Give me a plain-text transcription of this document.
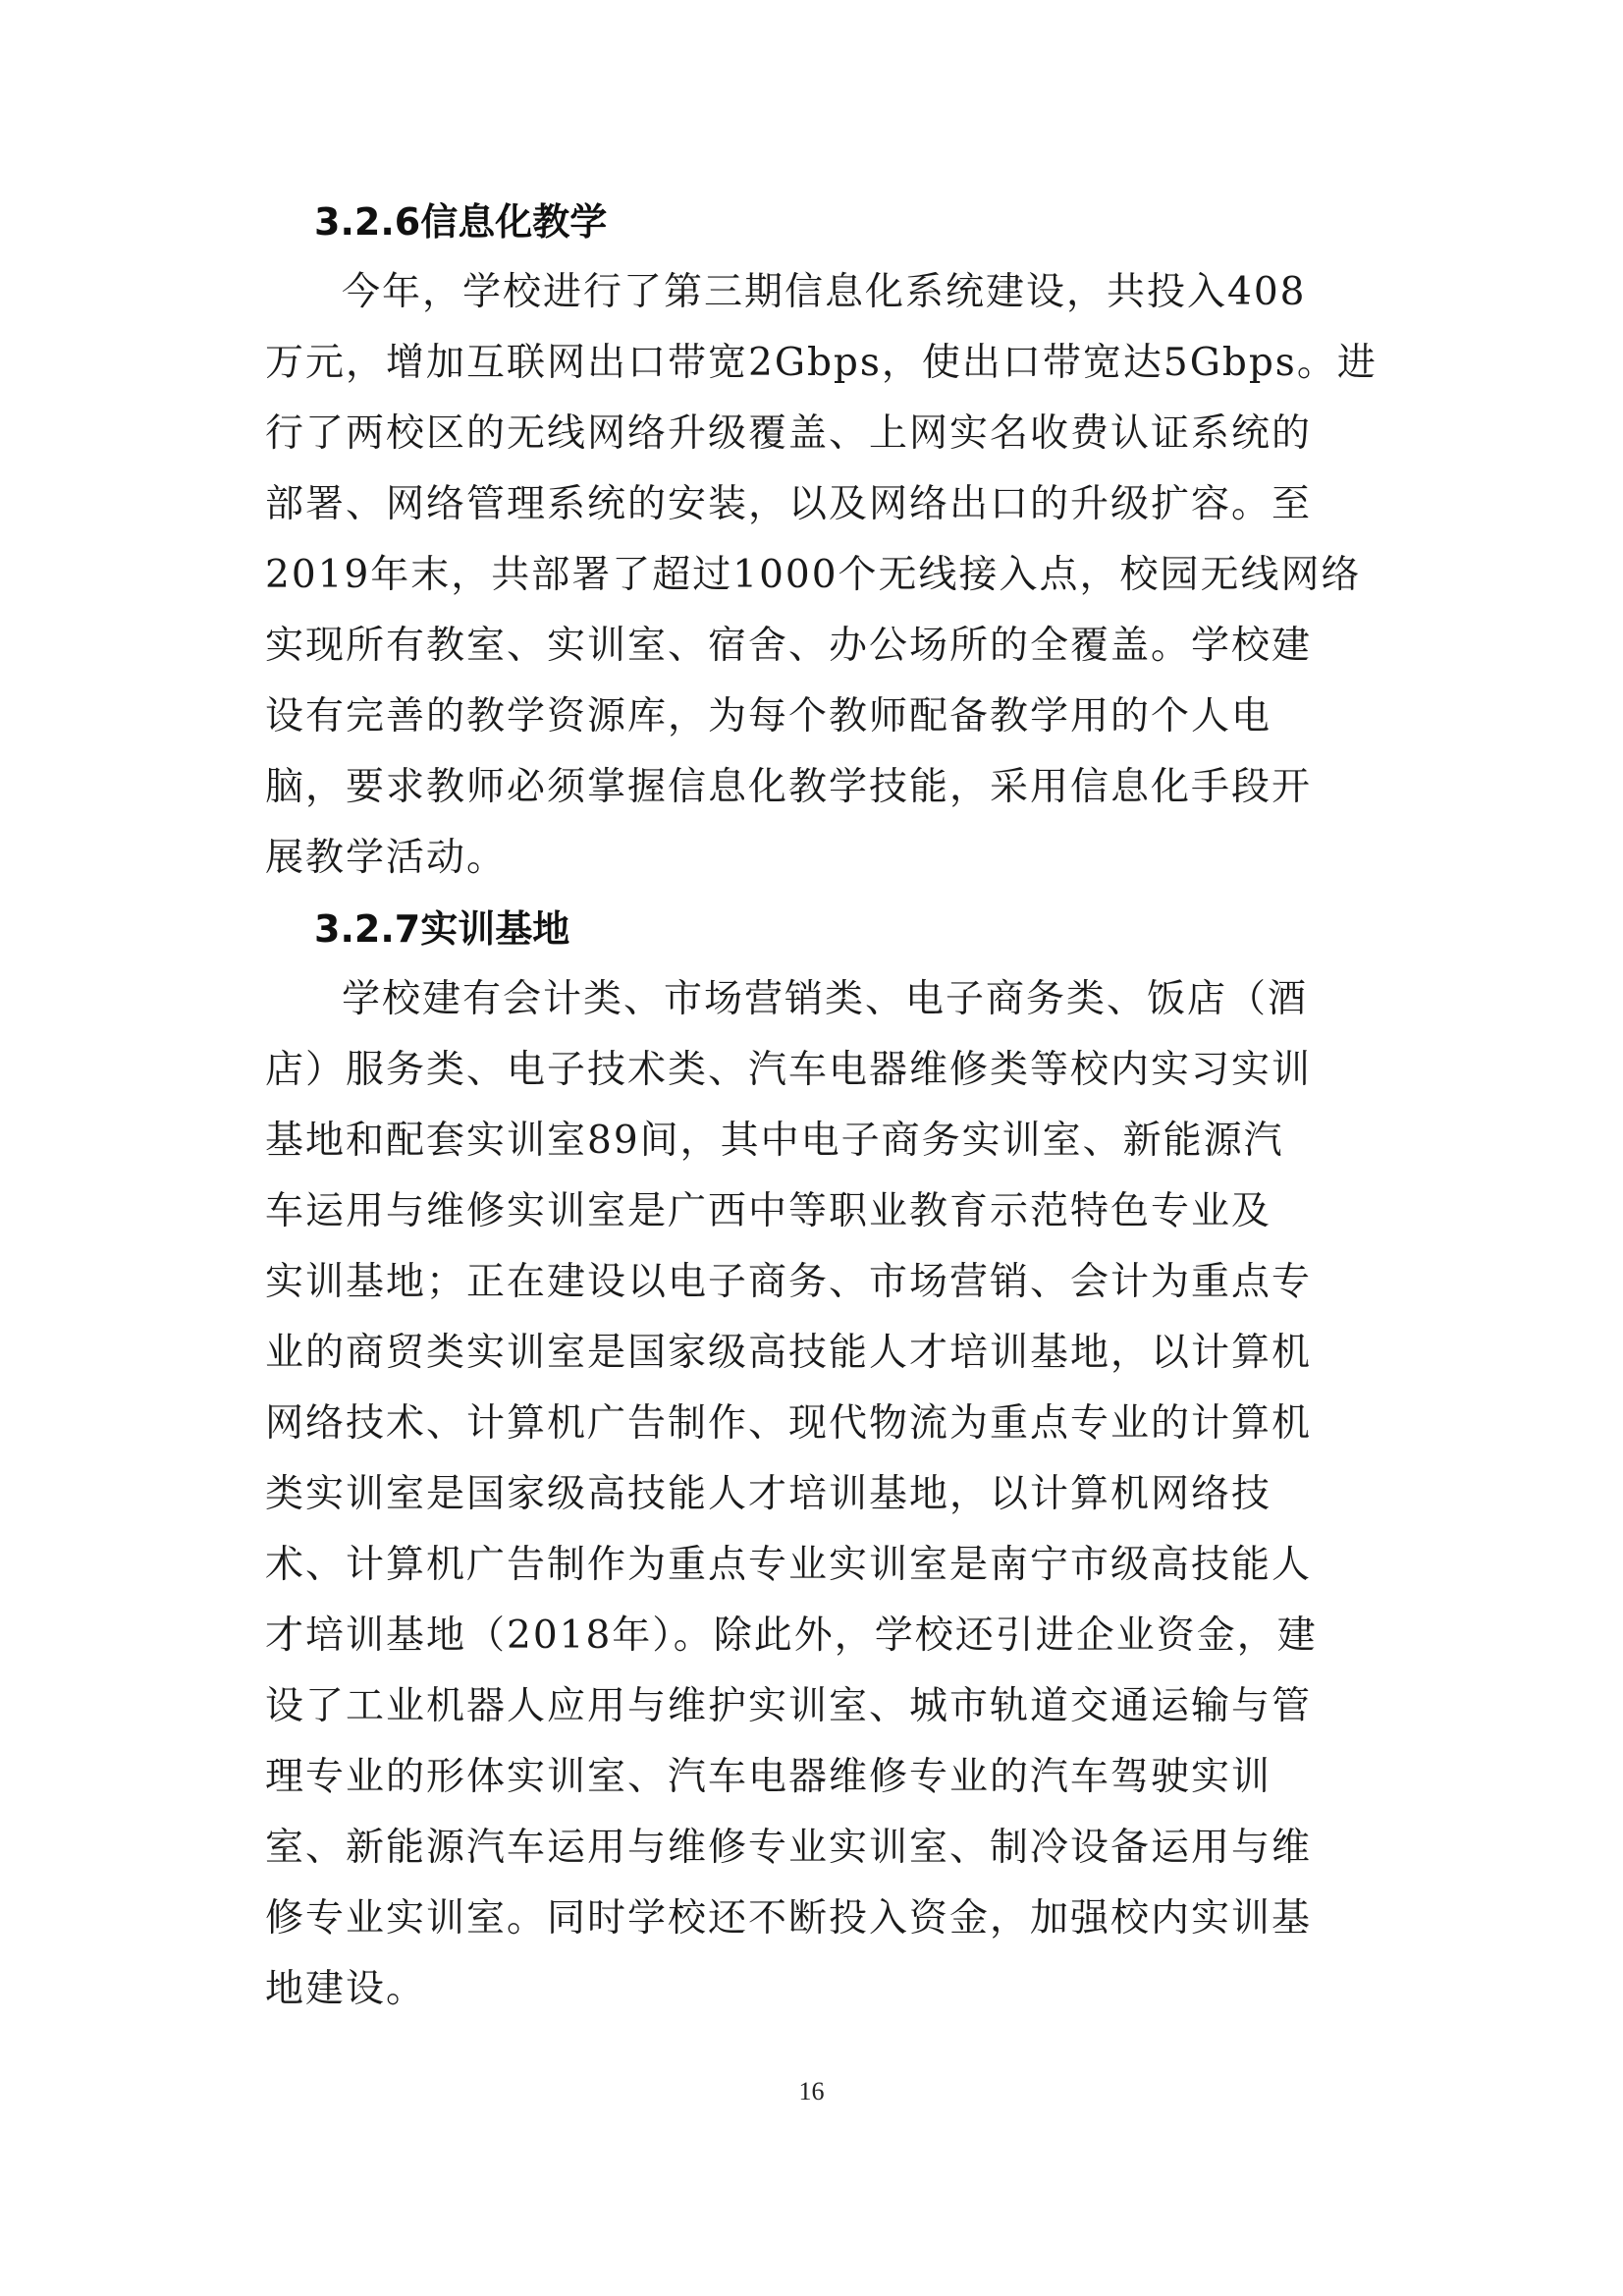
3.2.6信息化教学

今年，学校进行了第三期信息化系统建设，共投入408

万元，增加互联网出口带宽2Gbps，使出口带宽达5Gbps。进

行了两校区的无线网络升级覆盖、上网实名收费认证系统的

部署、网络管理系统的安装，以及网络出口的升级扩容。至

2019年末，共部署了超过1000个无线接入点，校园无线网络

实现所有教室、实训室、宿舍、办公场所的全覆盖。学校建

设有完善的教学资源库，为每个教师配备教学用的个人电

脑，要求教师必须掌握信息化教学技能，采用信息化手段开

展教学活动。

3.2.7实训基地

学校建有会计类、市场营销类、电子商务类、饭店（酒

店）服务类、电子技术类、汽车电器维修类等校内实习实训

基地和配套实训室89间，其中电子商务实训室、新能源汽

车运用与维修实训室是广西中等职业教育示范特色专业及

实训基地；正在建设以电子商务、市场营销、会计为重点专

业的商贸类实训室是国家级高技能人才培训基地，以计算机

网络技术、计算机广告制作、现代物流为重点专业的计算机

类实训室是国家级高技能人才培训基地，以计算机网络技

术、计算机广告制作为重点专业实训室是南宁市级高技能人

才培训基地（2018年）。除此外，学校还引进企业资金，建

设了工业机器人应用与维护实训室、城市轨道交通运输与管

理专业的形体实训室、汽车电器维修专业的汽车驾驶实训

室、新能源汽车运用与维修专业实训室、制冷设备运用与维

修专业实训室。同时学校还不断投入资金，加强校内实训基

地建设。

16
